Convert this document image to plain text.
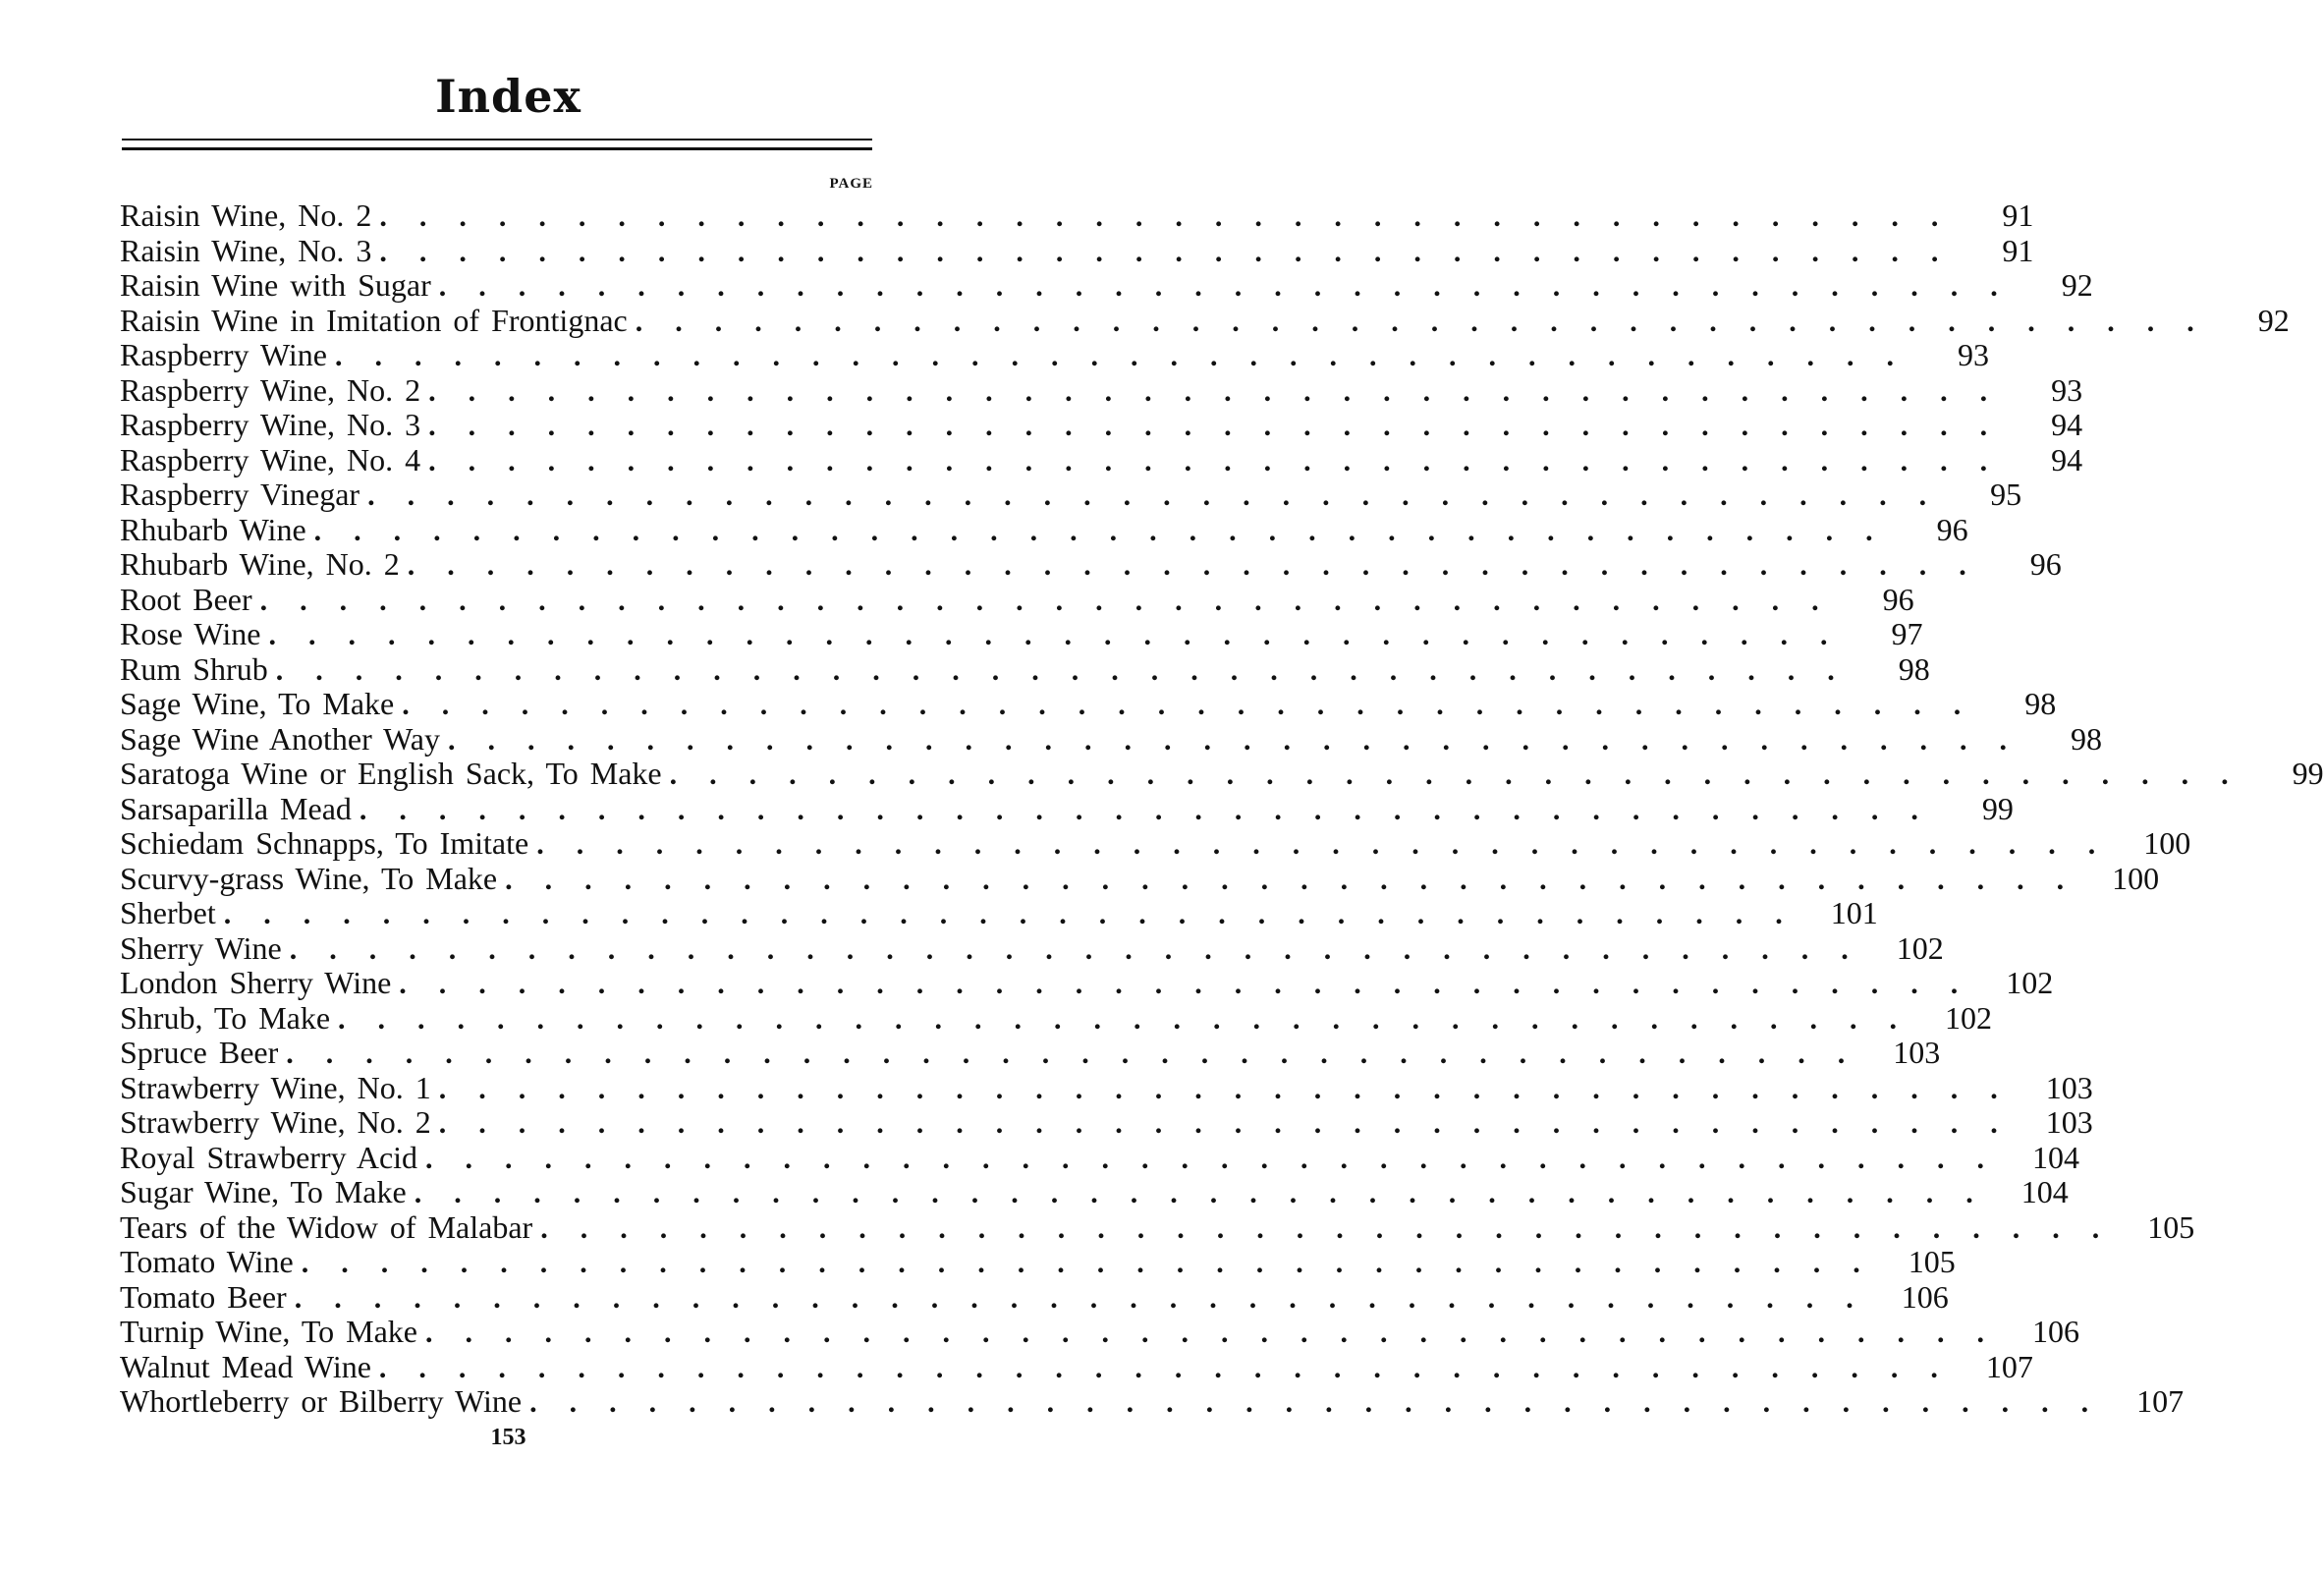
Index
PAGE
Raisin Wine, No. 2 ........................................	91
Raisin Wine, No. 3 ........................................	91
Raisin Wine with Sugar ........................................	92
Raisin Wine in Imitation of Frontignac ........................................	92
Raspberry Wine ........................................	93
Raspberry Wine, No. 2 ........................................	93
Raspberry Wine, No. 3 ........................................	94
Raspberry Wine, No. 4 ........................................	94
Raspberry Vinegar ........................................	95
Rhubarb Wine ........................................	96
Rhubarb Wine, No. 2 ........................................	96
Root Beer ........................................	96
Rose Wine ........................................	97
Rum Shrub ........................................	98
Sage Wine, To Make ........................................	98
Sage Wine Another Way ........................................	98
Saratoga Wine or English Sack, To Make ........................................	99
Sarsaparilla Mead ........................................	99
Schiedam Schnapps, To Imitate ........................................ 100
Scurvy-grass Wine, To Make ........................................ 100
Sherbet ........................................ 101
Sherry Wine ........................................ 102
London Sherry Wine ........................................ 102
Shrub, To Make ........................................ 102
Spruce Beer ........................................ 103
Strawberry Wine, No. 1 ........................................ 103
Strawberry Wine, No. 2 ........................................ 103
Royal Strawberry Acid ........................................ 104
Sugar Wine, To Make ........................................ 104
Tears of the Widow of Malabar ........................................ 105
Tomato Wine ........................................ 105
Tomato Beer ........................................ 106
Turnip Wine, To Make ........................................ 106
Walnut Mead Wine ........................................ 107
Whortleberry or Bilberry Wine ........................................ 107
153
